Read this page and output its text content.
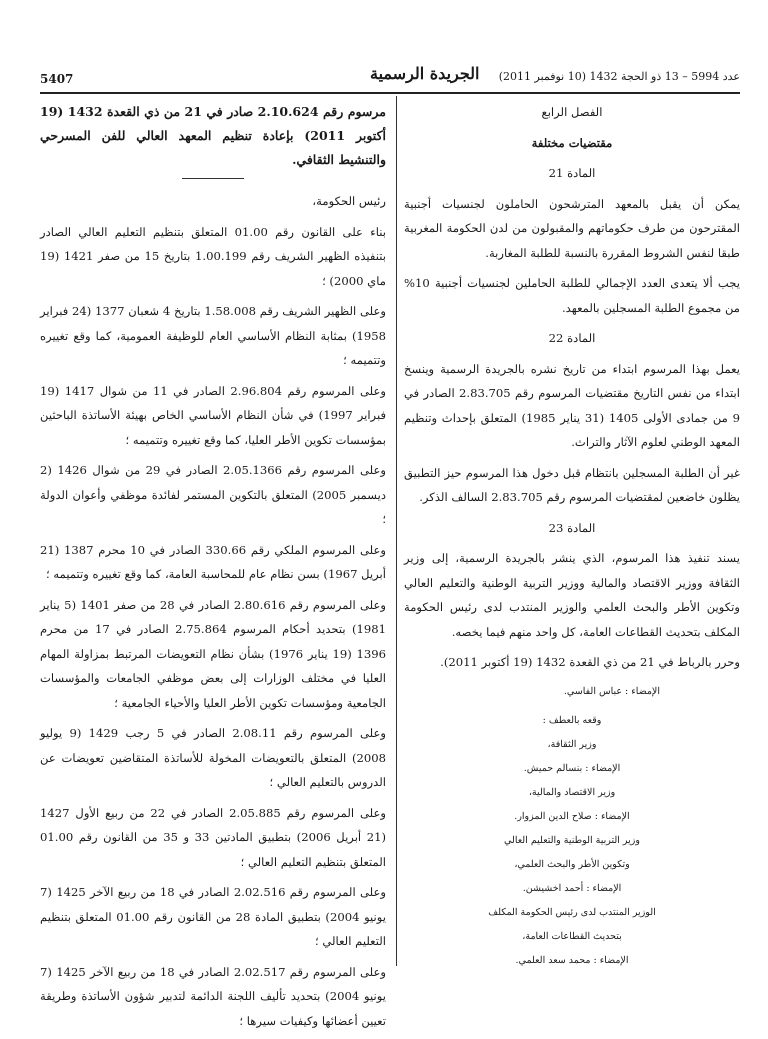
5407	الجريدة الرسمية عدد 5994 – 13 ذو الحجة 1432 (10 نوفمبر 2011)

الفصل الرابع

مقتضيات مختلفة

المادة 21

يمكن أن يقبل بالمعهد المترشحون الحاملون لجنسيات أجنبية المقترحون من طرف حكوماتهم والمقبولون من لدن الحكومة المغربية طبقا لنفس الشروط المقررة بالنسبة للطلبة المغاربة.

يجب ألا يتعدى العدد الإجمالي للطلبة الحاملين لجنسيات أجنبية 10% من مجموع الطلبة المسجلين بالمعهد.

المادة 22

يعمل بهذا المرسوم ابتداء من تاريخ نشره بالجريدة الرسمية وينسخ ابتداء من نفس التاريخ مقتضيات المرسوم رقم 2.83.705 الصادر في 9 من جمادى الأولى 1405 (31 يناير 1985) المتعلق بإحداث وتنظيم المعهد الوطني لعلوم الآثار والتراث.

غير أن الطلبة المسجلين بانتظام قبل دخول هذا المرسوم حيز التطبيق يظلون خاضعين لمقتضيات المرسوم رقم 2.83.705 السالف الذكر.

المادة 23

يسند تنفيذ هذا المرسوم، الذي ينشر بالجريدة الرسمية، إلى وزير الثقافة ووزير الاقتصاد والمالية ووزير التربية الوطنية والتعليم العالي وتكوين الأطر والبحث العلمي والوزير المنتدب لدى رئيس الحكومة المكلف بتحديث القطاعات العامة، كل واحد منهم فيما يخصه.

وحرر بالرباط في 21 من ذي القعدة 1432 (19 أكتوبر 2011).

الإمضاء : عباس الفاسي.

وقعه بالعطف :
وزير الثقافة،
الإمضاء : بنسالم حميش.
وزير الاقتصاد والمالية،
الإمضاء : صلاح الدين المزوار.
وزير التربية الوطنية والتعليم العالي
وتكوين الأطر والبحث العلمي،
الإمضاء : أحمد اخشيشن.
الوزير المنتدب لدى رئيس الحكومة المكلف
بتحديث القطاعات العامة،
الإمضاء : محمد سعد العلمي.

مرسوم رقم 2.10.624 صادر في 21 من ذي القعدة 1432 (19 أكتوبر 2011) بإعادة تنظيم المعهد العالي للفن المسرحي والتنشيط الثقافي.

رئيس الحكومة،

بناء على القانون رقم 01.00 المتعلق بتنظيم التعليم العالي الصادر بتنفيذه الظهير الشريف رقم 1.00.199 بتاريخ 15 من صفر 1421 (19 ماي 2000) ؛

وعلى الظهير الشريف رقم 1.58.008 بتاريخ 4 شعبان 1377 (24 فبراير 1958) بمثابة النظام الأساسي العام للوظيفة العمومية، كما وقع تغييره وتتميمه ؛

وعلى المرسوم رقم 2.96.804 الصادر في 11 من شوال 1417 (19 فبراير 1997) في شأن النظام الأساسي الخاص بهيئة الأساتذة الباحثين بمؤسسات تكوين الأطر العليا، كما وقع تغييره وتتميمه ؛

وعلى المرسوم رقم 2.05.1366 الصادر في 29 من شوال 1426 (2 ديسمبر 2005) المتعلق بالتكوين المستمر لفائدة موظفي وأعوان الدولة ؛

وعلى المرسوم الملكي رقم 330.66 الصادر في 10 محرم 1387 (21 أبريل 1967) بسن نظام عام للمحاسبة العامة، كما وقع تغييره وتتميمه ؛

وعلى المرسوم رقم 2.80.616 الصادر في 28 من صفر 1401 (5 يناير 1981) بتحديد أحكام المرسوم 2.75.864 الصادر في 17 من محرم 1396 (19 يناير 1976) بشأن نظام التعويضات المرتبط بمزاولة المهام العليا في مختلف الوزارات إلى بعض موظفي الجامعات والمؤسسات الجامعية ومؤسسات تكوين الأطر العليا والأحياء الجامعية ؛

وعلى المرسوم رقم 2.08.11 الصادر في 5 رجب 1429 (9 يوليو 2008) المتعلق بالتعويضات المخولة للأساتذة المتقاضين تعويضات عن الدروس بالتعليم العالي ؛

وعلى المرسوم رقم 2.05.885 الصادر في 22 من ربيع الأول 1427 (21 أبريل 2006) بتطبيق المادتين 33 و 35 من القانون رقم 01.00 المتعلق بتنظيم التعليم العالي ؛

وعلى المرسوم رقم 2.02.516 الصادر في 18 من ربيع الآخر 1425 (7 يونيو 2004) بتطبيق المادة 28 من القانون رقم 01.00 المتعلق بتنظيم التعليم العالي ؛

وعلى المرسوم رقم 2.02.517 الصادر في 18 من ربيع الآخر 1425 (7 يونيو 2004) بتحديد تأليف اللجنة الدائمة لتدبير شؤون الأساتذة وطريقة تعيين أعضائها وكيفيات سيرها ؛
